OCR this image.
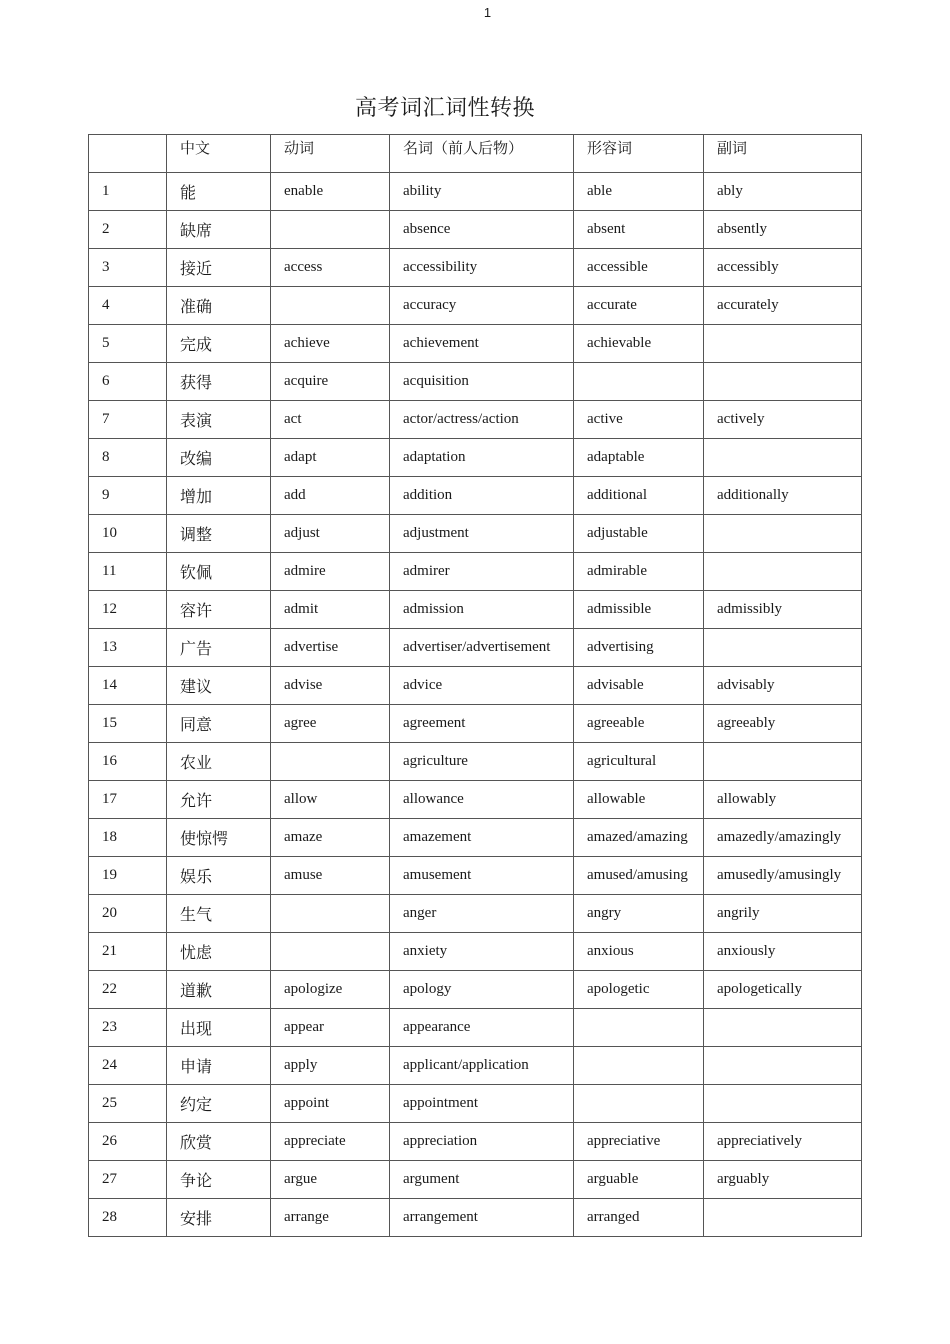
1
高考词汇词性转换
	中文	动词	名词（前人后物）	形容词	副词
1	能	enable	ability	able	ably
2	缺席		absence	absent	absently
3	接近	access	accessibility	accessible	accessibly
4	准确		accuracy	accurate	accurately
5	完成	achieve	achievement	achievable	
6	获得	acquire	acquisition		
7	表演	act	actor/actress/action	active	actively
8	改编	adapt	adaptation	adaptable	
9	增加	add	addition	additional	additionally
10	调整	adjust	adjustment	adjustable	
11	钦佩	admire	admirer	admirable	
12	容许	admit	admission	admissible	admissibly
13	广告	advertise	advertiser/advertisement	advertising	
14	建议	advise	advice	advisable	advisably
15	同意	agree	agreement	agreeable	agreeably
16	农业		agriculture	agricultural	
17	允许	allow	allowance	allowable	allowably
18	使惊愕	amaze	amazement	amazed/amazing	amazedly/amazingly
19	娱乐	amuse	amusement	amused/amusing	amusedly/amusingly
20	生气		anger	angry	angrily
21	忧虑		anxiety	anxious	anxiously
22	道歉	apologize	apology	apologetic	apologetically
23	出现	appear	appearance		
24	申请	apply	applicant/application		
25	约定	appoint	appointment		
26	欣赏	appreciate	appreciation	appreciative	appreciatively
27	争论	argue	argument	arguable	arguably
28	安排	arrange	arrangement	arranged	
